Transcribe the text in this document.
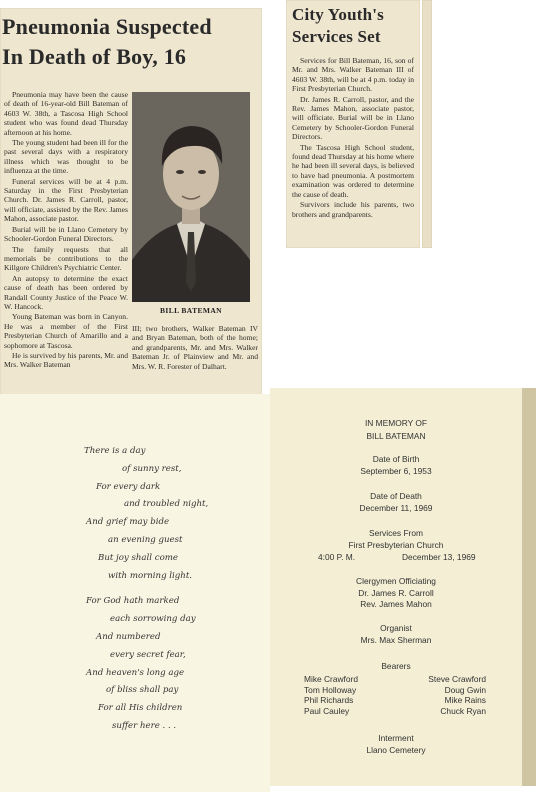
Pneumonia Suspected

In Death of Boy, 16

Pneumonia may have been the cause of death of 16-year-old Bill Bateman of 4603 W. 38th, a Tascosa High School student who was found dead Thursday afternoon at his home.

The young student had been ill for the past several days with a respiratory illness which was thought to be influenza at the time.

Funeral services will be at 4 p.m. Saturday in the First Presbyterian Church. Dr. James R. Carroll, pastor, will officiate, assisted by the Rev. James Mahon, associate pastor.

Burial will be in Llano Cemetery by Schooler-Gordon Funeral Directors.

The family requests that all memorials be contributions to the Killgore Children's Psychiatric Center.

An autopsy to determine the exact cause of death has been ordered by Randall County Justice of the Peace W. W. Hancock.

Young Bateman was born in Canyon. He was a member of the First Presbyterian Church of Amarillo and a sophomore at Tascosa.

He is survived by his parents, Mr. and Mrs. Walker Bateman

BILL BATEMAN

III; two brothers, Walker Bateman IV and Bryan Bateman, both of the home; and grandparents, Mr. and Mrs. Walker Bateman Jr. of Plainview and Mr. and Mrs. W. R. Forester of Dalhart.

City Youth's

Services Set

Services for Bill Bateman, 16, son of Mr. and Mrs. Walker Bateman III of 4603 W. 38th, will be at 4 p.m. today in First Presbyterian Church.

Dr. James R. Carroll, pastor, and the Rev. James Mahon, associate pastor, will officiate. Burial will be in Llano Cemetery by Schooler-Gordon Funeral Directors.

The Tascosa High School student, found dead Thursday at his home where he had been ill several days, is believed to have had pneumonia. A postmortem examination was ordered to determine the cause of death.

Survivors include his parents, two brothers and grandparents.

There is a day
of sunny rest,
For every dark
and troubled night,
And grief may bide
an evening guest
But joy shall come
with morning light.
For God hath marked
each sorrowing day
And numbered
every secret fear,
And heaven's long age
of bliss shall pay
For all His children
suffer here . . .
IN MEMORY OF
BILL BATEMAN
Date of Birth
September 6, 1953
Date of Death
December 11, 1969
Services From
First Presbyterian Church
4:00 P. M.	December 13, 1969
Clergymen Officiating
Dr. James R. Carroll
Rev. James Mahon
Organist
Mrs. Max Sherman
Bearers
Mike Crawford
Tom Holloway
Phil Richards
Paul Cauley
Steve Crawford
Doug Gwin
Mike Rains
Chuck Ryan
Interment
Llano Cemetery
